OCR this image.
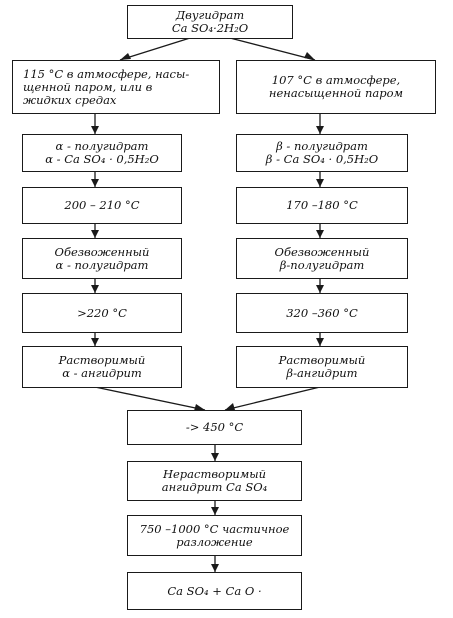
Двугидрат
Ca SO₄·2H₂O
115 °C в атмосфере, насы-
щенной паром, или в
жидких средах
107 °C в атмосфере,
ненасыщенной паром
α - полугидрат
α - Ca SO₄ · 0,5H₂O
β - полугидрат
β - Ca SO₄ · 0,5H₂O
200 – 210 °C	170 –180 °C
Обезвоженный
α - полугидрат
Обезвоженный
β-полугидрат
>220 °C	320 –360 °C
Растворимый
α - ангидрит
Растворимый
β-ангидрит
-> 450 °C
Нерастворимый
ангидрит Ca SO₄
750 –1000 °C частичное
разложение
Ca SO₄ + Ca O ·
